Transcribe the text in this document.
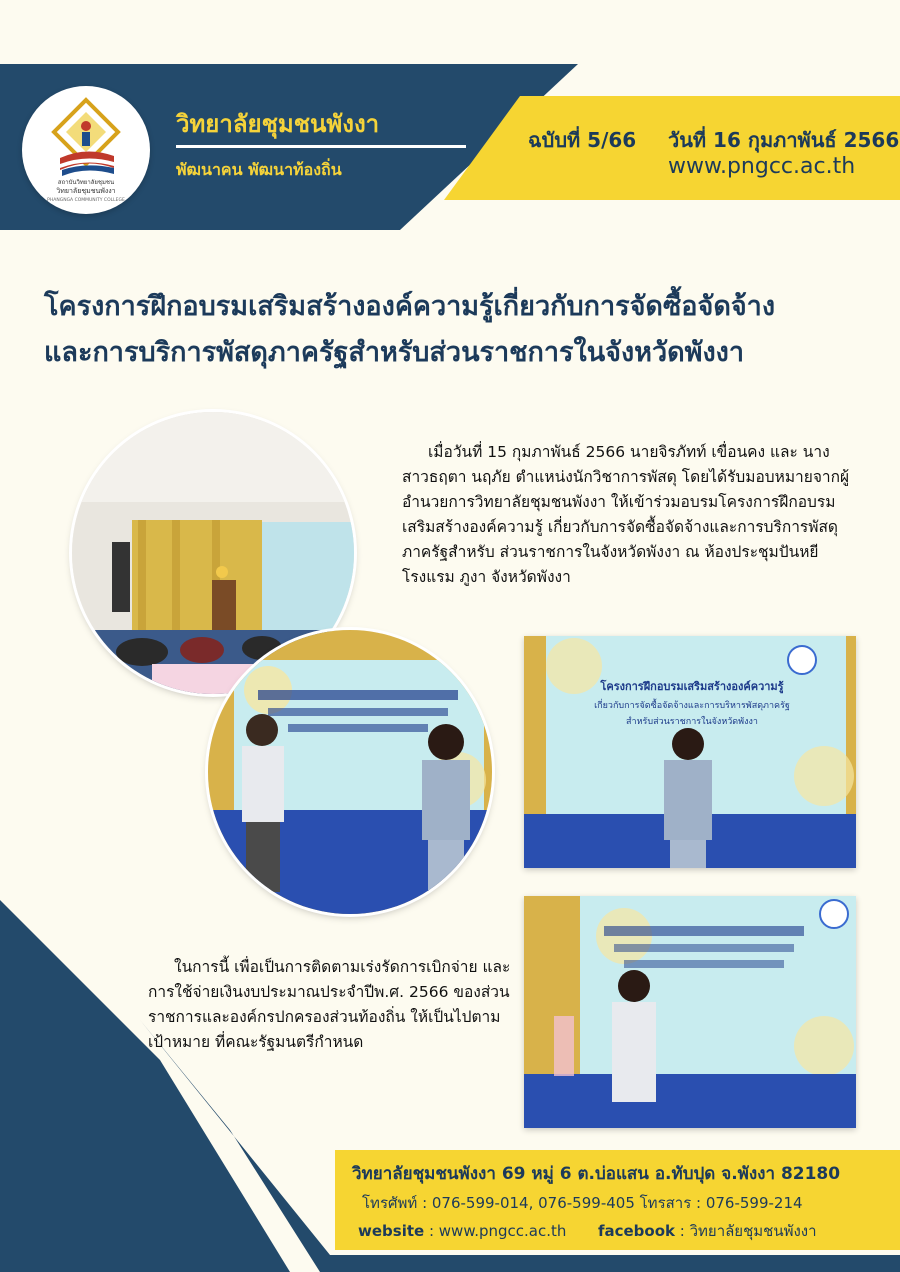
สถาบันวิทยาลัยชุมชน
วิทยาลัยชุมชนพังงา
PHANGNGA COMMUNITY COLLEGE
วิทยาลัยชุมชนพังงา
พัฒนาคน พัฒนาท้องถิ่น
ฉบับที่ 5/66 วันที่ 16 กุมภาพันธ์ 2566
www.pngcc.ac.th
โครงการฝึกอบรมเสริมสร้างองค์ความรู้เกี่ยวกับการจัดซื้อจัดจ้าง
และการบริการพัสดุภาครัฐสำหรับส่วนราชการในจังหวัดพังงา
เมื่อวันที่ 15 กุมภาพันธ์ 2566 นายจิรภัทท์ เขื่อนคง และ นางสาวธฤตา นฤภัย ตำแหน่งนักวิชาการพัสดุ โดยได้รับมอบหมายจากผู้อำนวยการวิทยาลัยชุมชนพังงา ให้เข้าร่วมอบรมโครงการฝึกอบรมเสริมสร้างองค์ความรู้ เกี่ยวกับการจัดซื้อจัดจ้างและการบริการพัสดุภาครัฐสำหรับ ส่วนราชการในจังหวัดพังงา ณ ห้องประชุมปันหยี โรงแรม ภูงา จังหวัดพังงา
โครงการฝึกอบรมเสริมสร้างองค์ความรู้
เกี่ยวกับการจัดซื้อจัดจ้างและการบริหารพัสดุภาครัฐ
สำหรับส่วนราชการในจังหวัดพังงา
ในการนี้ เพื่อเป็นการติดตามเร่งรัดการเบิกจ่าย และการใช้จ่ายเงินงบประมาณประจำปีพ.ศ. 2566 ของส่วนราชการและองค์กรปกครองส่วนท้องถิ่น ให้เป็นไปตามเป้าหมาย ที่คณะรัฐมนตรีกำหนด
วิทยาลัยชุมชนพังงา 69 หมู่ 6 ต.บ่อแสน อ.ทับปุด จ.พังงา 82180
โทรศัพท์ : 076-599-014, 076-599-405 โทรสาร : 076-599-214
website : www.pngcc.ac.th facebook : วิทยาลัยชุมชนพังงา
